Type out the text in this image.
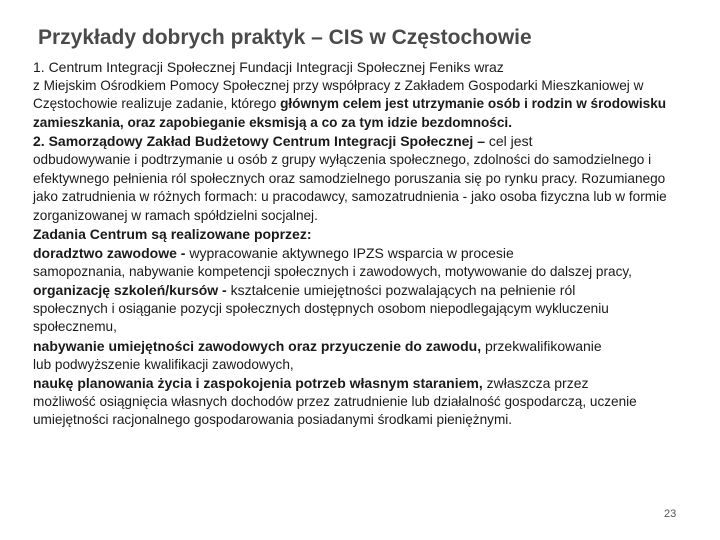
Przykłady dobrych praktyk – CIS w Częstochowie

1. Centrum Integracji Społecznej Fundacji Integracji Społecznej Feniks wraz
z Miejskim Ośrodkiem Pomocy Społecznej przy współpracy z Zakładem Gospodarki Mieszkaniowej w Częstochowie realizuje zadanie, którego głównym celem jest utrzymanie osób i rodzin w środowisku zamieszkania, oraz zapobieganie eksmisją a co za tym idzie bezdomności.

2. Samorządowy Zakład Budżetowy Centrum Integracji Społecznej – cel jest
odbudowywanie i podtrzymanie u osób z grupy wyłączenia społecznego, zdolności do samodzielnego i efektywnego pełnienia ról społecznych oraz samodzielnego poruszania się po rynku pracy. Rozumianego jako zatrudnienia w różnych formach: u pracodawcy, samozatrudnienia - jako osoba fizyczna lub w formie zorganizowanej w ramach spółdzielni socjalnej.

Zadania Centrum są realizowane poprzez:

doradztwo zawodowe - wypracowanie aktywnego IPZS wsparcia w procesie
samopoznania, nabywanie kompetencji społecznych i zawodowych, motywowanie do dalszej pracy,

organizację szkoleń/kursów - kształcenie umiejętności pozwalających na pełnienie ról
społecznych i osiąganie pozycji społecznych dostępnych osobom niepodlegającym wykluczeniu społecznemu,

nabywanie umiejętności zawodowych oraz przyuczenie do zawodu, przekwalifikowanie
lub podwyższenie kwalifikacji zawodowych,

naukę planowania życia i zaspokojenia potrzeb własnym staraniem, zwłaszcza przez
możliwość osiągnięcia własnych dochodów przez zatrudnienie lub działalność gospodarczą, uczenie umiejętności racjonalnego gospodarowania posiadanymi środkami pieniężnymi.

23
